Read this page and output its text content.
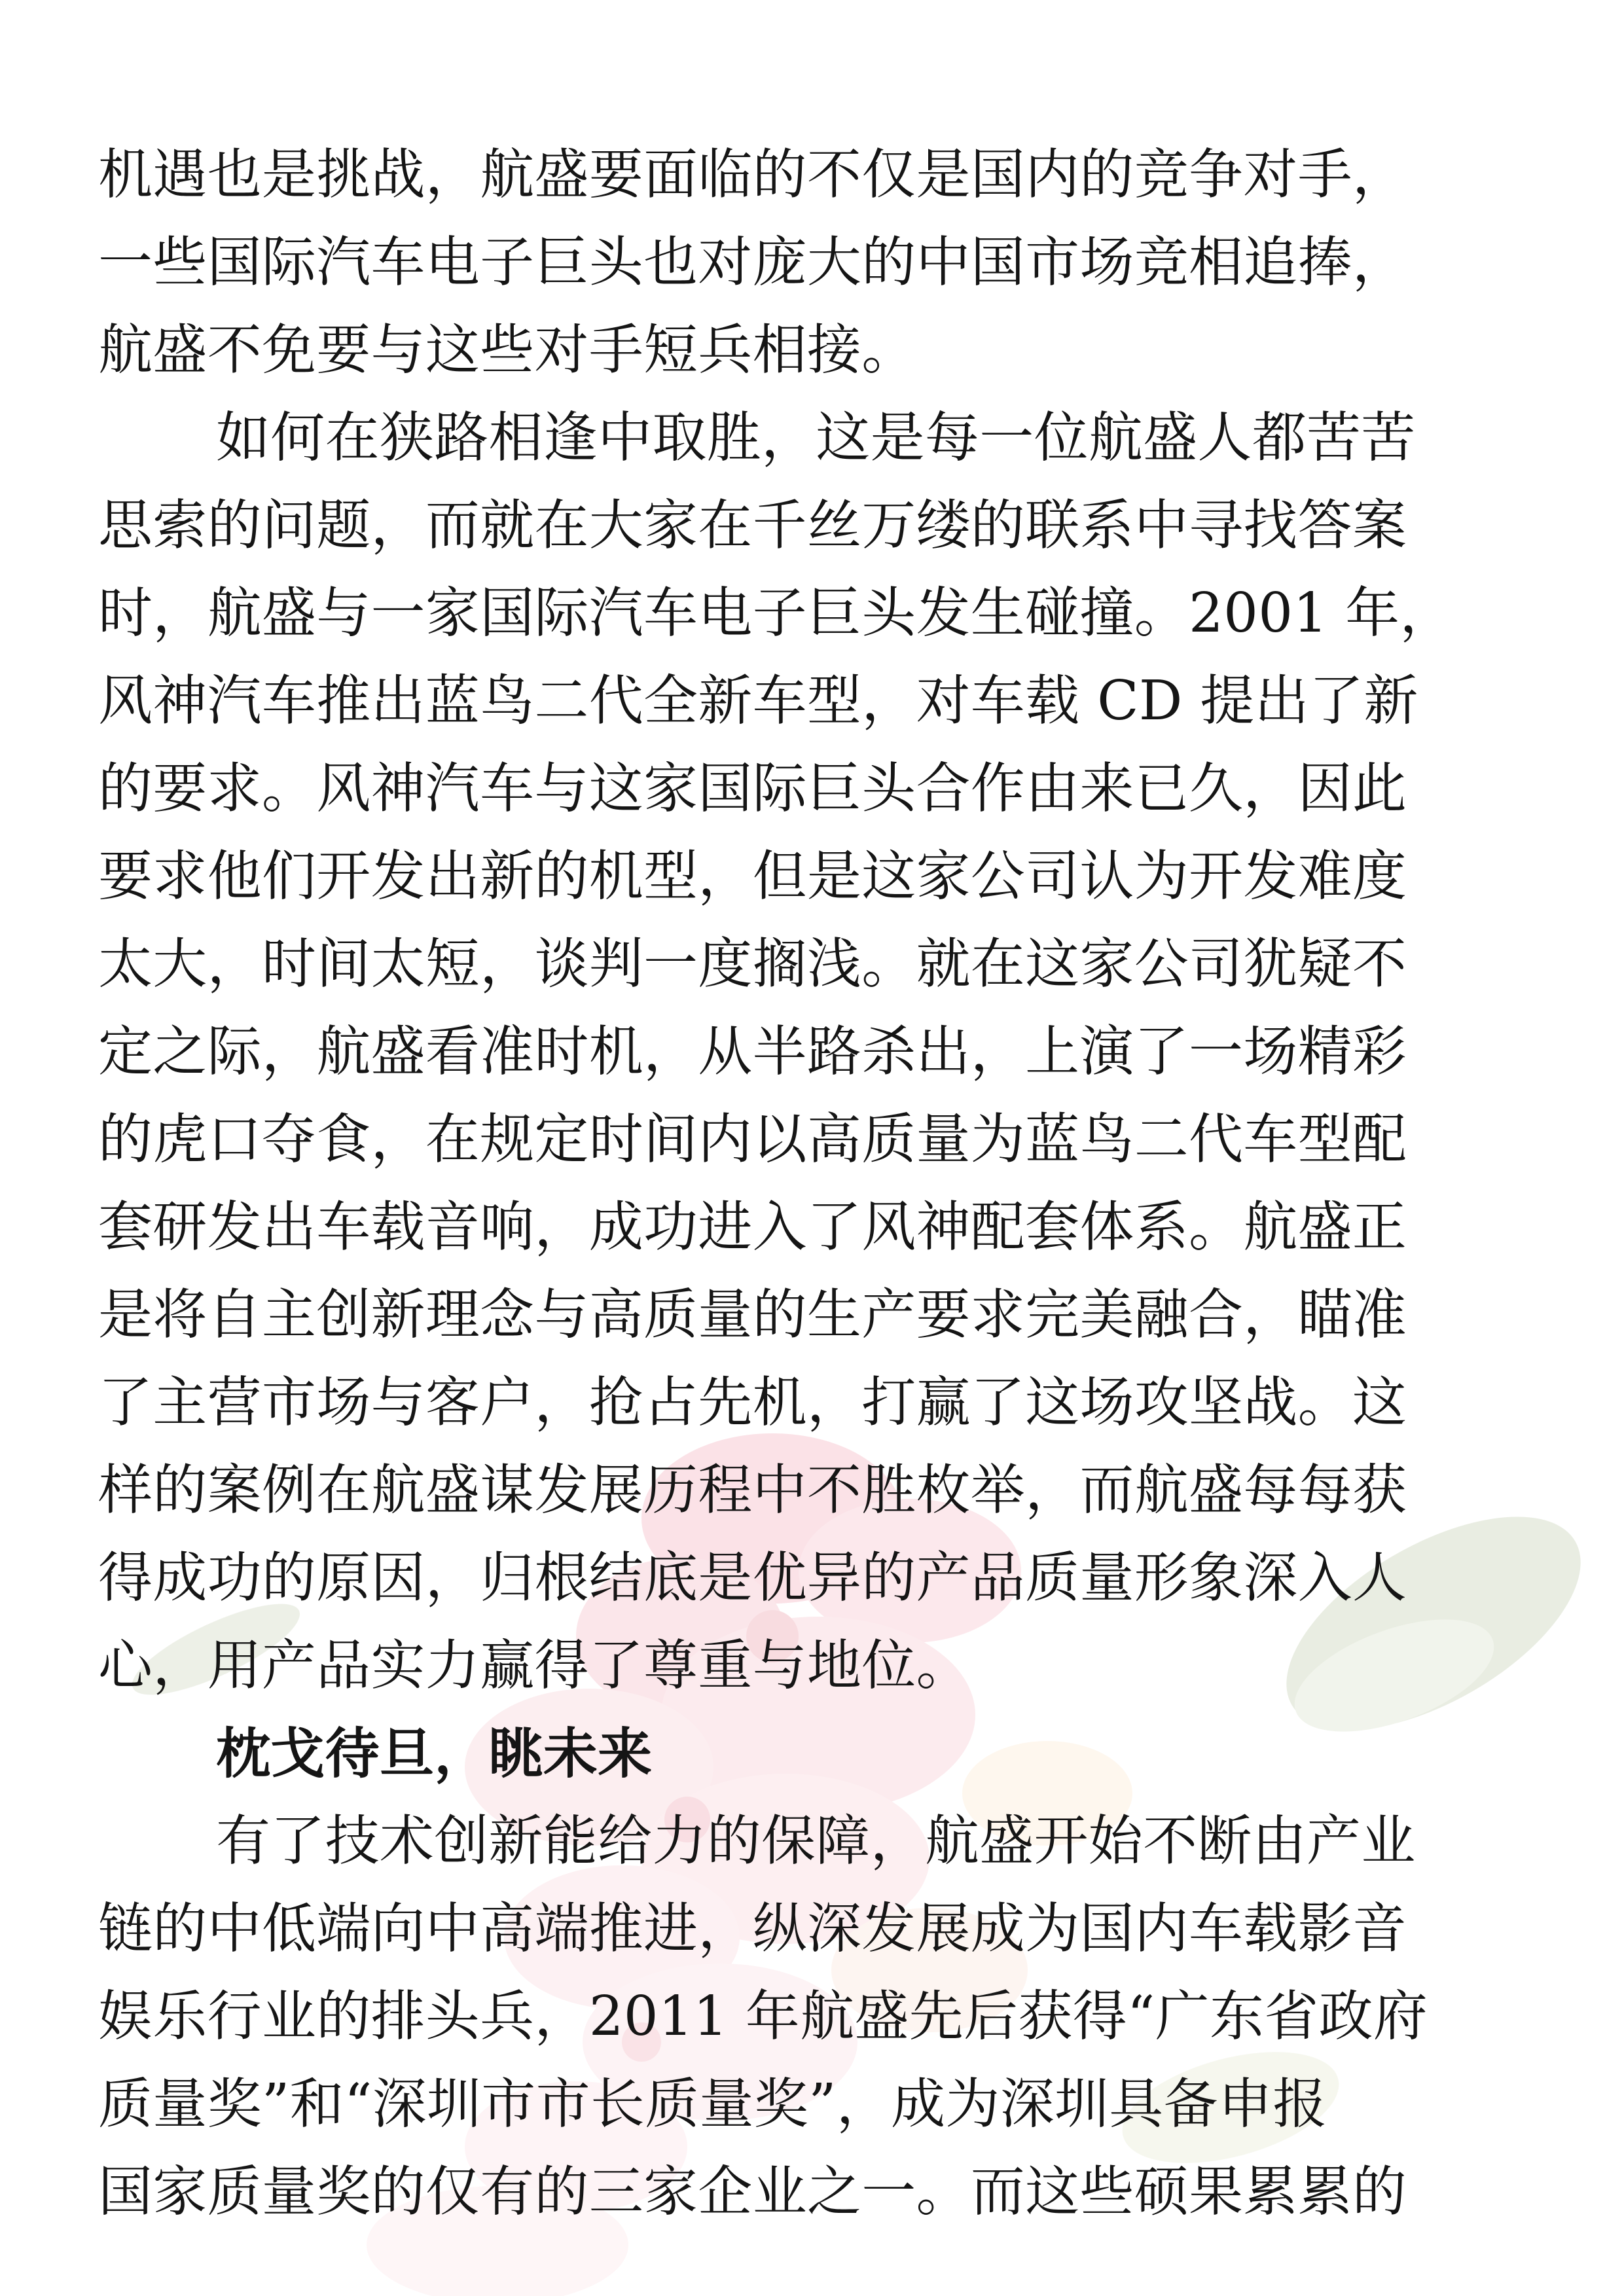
机遇也是挑战，航盛要面临的不仅是国内的竞争对手，
一些国际汽车电子巨头也对庞大的中国市场竞相追捧，
航盛不免要与这些对手短兵相接。
如何在狭路相逢中取胜，这是每一位航盛人都苦苦
思索的问题，而就在大家在千丝万缕的联系中寻找答案
时，航盛与一家国际汽车电子巨头发生碰撞。2001 年，
风神汽车推出蓝鸟二代全新车型，对车载 CD 提出了新
的要求。风神汽车与这家国际巨头合作由来已久，因此
要求他们开发出新的机型，但是这家公司认为开发难度
太大，时间太短，谈判一度搁浅。就在这家公司犹疑不
定之际，航盛看准时机，从半路杀出，上演了一场精彩
的虎口夺食，在规定时间内以高质量为蓝鸟二代车型配
套研发出车载音响，成功进入了风神配套体系。航盛正
是将自主创新理念与高质量的生产要求完美融合，瞄准
了主营市场与客户，抢占先机，打赢了这场攻坚战。这
样的案例在航盛谋发展历程中不胜枚举，而航盛每每获
得成功的原因，归根结底是优异的产品质量形象深入人
心，用产品实力赢得了尊重与地位。
枕戈待旦，眺未来
有了技术创新能给力的保障，航盛开始不断由产业
链的中低端向中高端推进，纵深发展成为国内车载影音
娱乐行业的排头兵，2011 年航盛先后获得“广东省政府
质量奖”和“深圳市市长质量奖”，成为深圳具备申报
国家质量奖的仅有的三家企业之一。而这些硕果累累的
